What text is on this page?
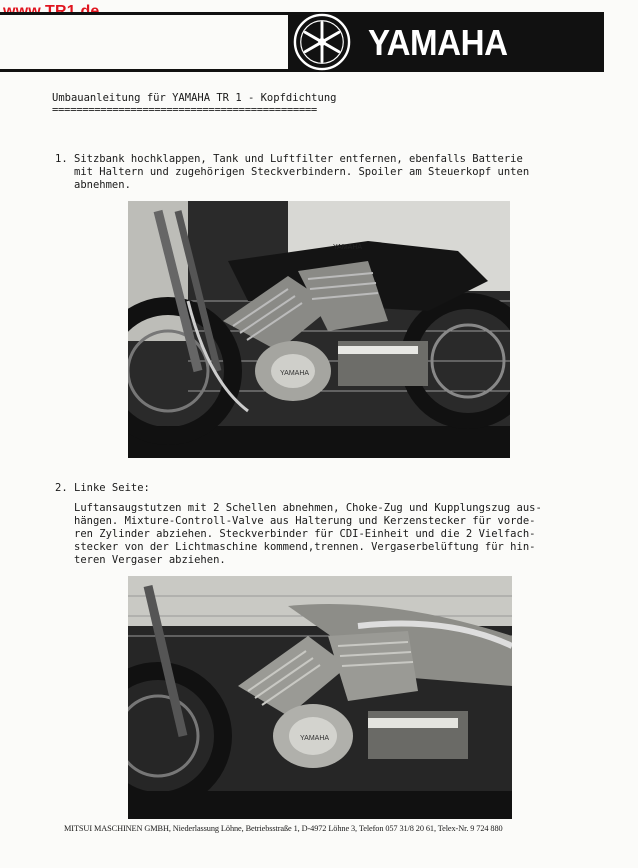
YAMAHA
Umbauanleitung für YAMAHA TR 1 - Kopfdichtung
============================================
1. Sitzbank hochklappen, Tank und Luftfilter entfernen, ebenfalls Batterie
mit Haltern und zugehörigen Steckverbindern. Spoiler am Steuerkopf unten
abnehmen.
YAMAHA
YAMAHA
2. Linke Seite:
Luftansaugstutzen mit 2 Schellen abnehmen, Choke-Zug und Kupplungszug aus-
hängen. Mixture-Controll-Valve aus Halterung und Kerzenstecker für vorde-
ren Zylinder abziehen. Steckverbinder für CDI-Einheit und die 2 Vielfach-
stecker von der Lichtmaschine kommend,trennen. Vergaserbelüftung für hin-
teren Vergaser abziehen.
YAMAHA
MITSUI MASCHINEN GMBH, Niederlassung Löhne, Betriebsstraße 1, D-4972 Löhne 3, Telefon 057 31/8 20 61, Telex-Nr. 9 724 880
